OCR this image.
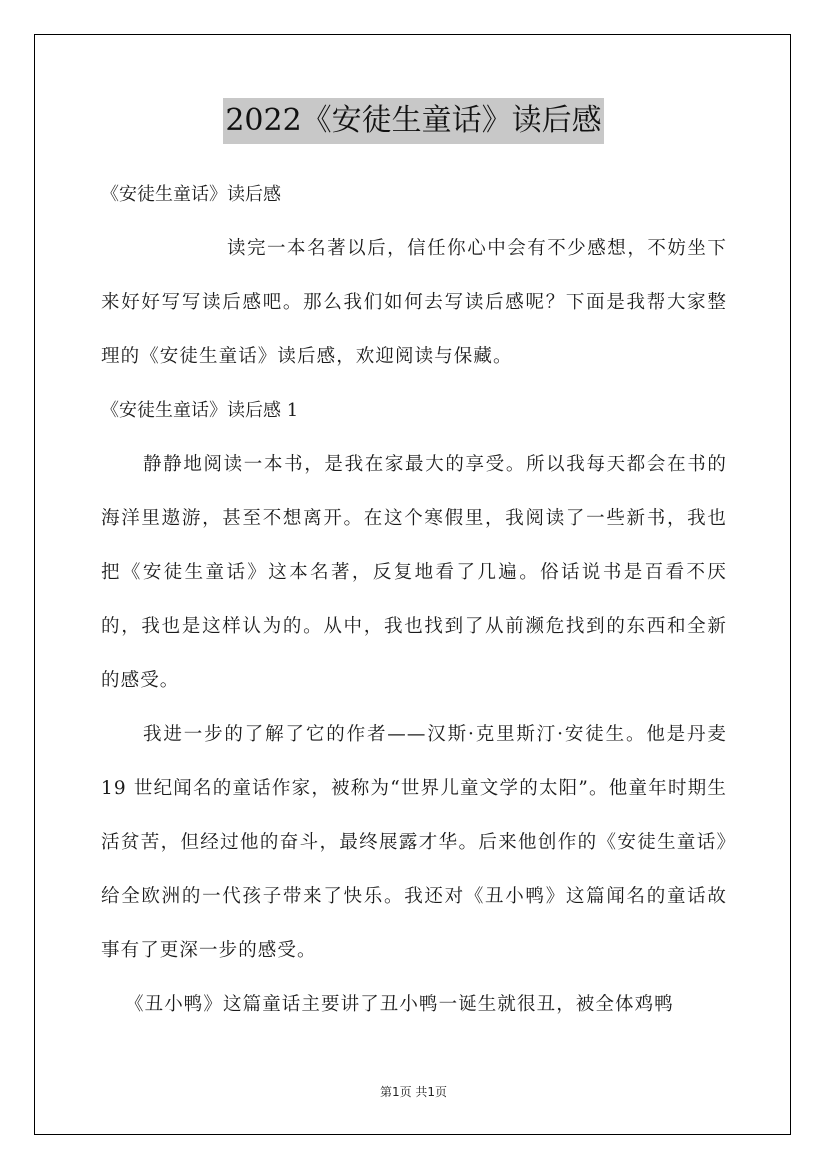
2022《安徒生童话》读后感

《安徒生童话》读后感

读完一本名著以后，信任你心中会有不少感想，不妨坐下来好好写写读后感吧。那么我们如何去写读后感呢？下面是我帮大家整理的《安徒生童话》读后感，欢迎阅读与保藏。

《安徒生童话》读后感 1

静静地阅读一本书，是我在家最大的享受。所以我每天都会在书的海洋里遨游，甚至不想离开。在这个寒假里，我阅读了一些新书，我也把《安徒生童话》这本名著，反复地看了几遍。俗话说书是百看不厌的，我也是这样认为的。从中，我也找到了从前濒危找到的东西和全新的感受。

我进一步的了解了它的作者——汉斯·克里斯汀·安徒生。他是丹麦 19 世纪闻名的童话作家，被称为“世界儿童文学的太阳”。他童年时期生活贫苦，但经过他的奋斗，最终展露才华。后来他创作的《安徒生童话》给全欧洲的一代孩子带来了快乐。我还对《丑小鸭》这篇闻名的童话故事有了更深一步的感受。

《丑小鸭》这篇童话主要讲了丑小鸭一诞生就很丑，被全体鸡鸭

第1页 共1页
